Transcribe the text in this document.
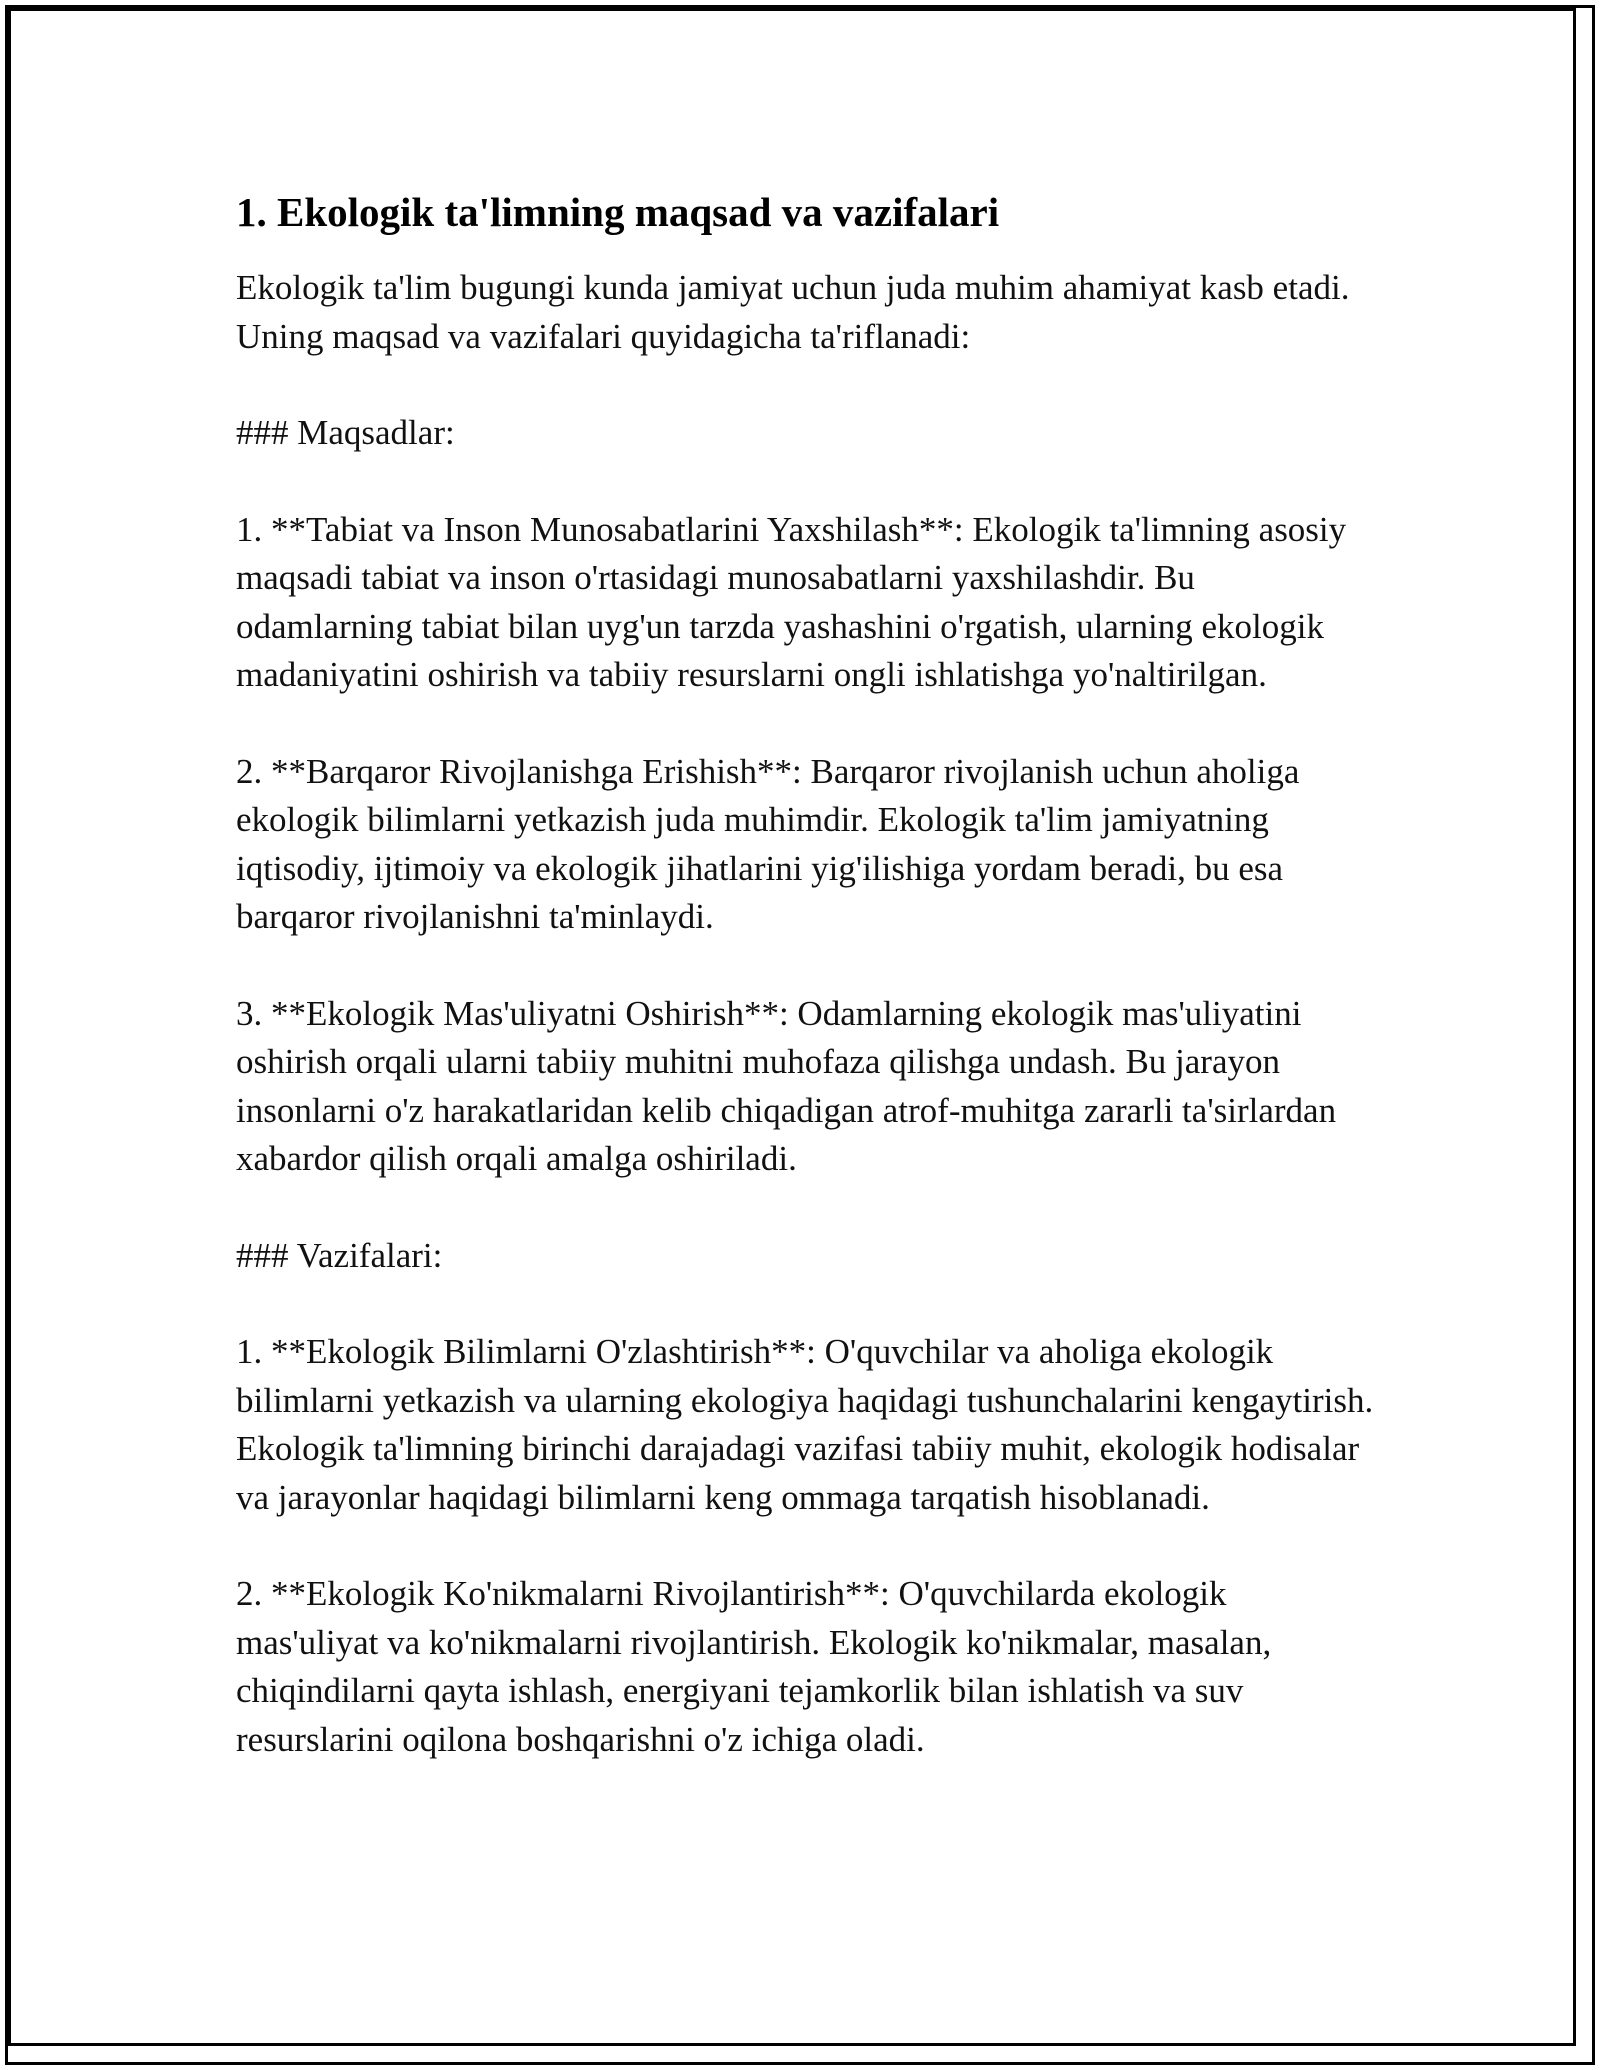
1. Ekologik ta'limning maqsad va vazifalari

Ekologik ta'lim bugungi kunda jamiyat uchun juda muhim ahamiyat kasb etadi. Uning maqsad va vazifalari quyidagicha ta'riflanadi:

### Maqsadlar:

1. **Tabiat va Inson Munosabatlarini Yaxshilash**: Ekologik ta'limning asosiy maqsadi tabiat va inson o'rtasidagi munosabatlarni yaxshilashdir. Bu odamlarning tabiat bilan uyg'un tarzda yashashini o'rgatish, ularning ekologik madaniyatini oshirish va tabiiy resurslarni ongli ishlatishga yo'naltirilgan.

2. **Barqaror Rivojlanishga Erishish**: Barqaror rivojlanish uchun aholiga ekologik bilimlarni yetkazish juda muhimdir. Ekologik ta'lim jamiyatning iqtisodiy, ijtimoiy va ekologik jihatlarini yig'ilishiga yordam beradi, bu esa barqaror rivojlanishni ta'minlaydi.

3. **Ekologik Mas'uliyatni Oshirish**: Odamlarning ekologik mas'uliyatini oshirish orqali ularni tabiiy muhitni muhofaza qilishga undash. Bu jarayon insonlarni o'z harakatlaridan kelib chiqadigan atrof-muhitga zararli ta'sirlardan xabardor qilish orqali amalga oshiriladi.

### Vazifalari:

1. **Ekologik Bilimlarni O'zlashtirish**: O'quvchilar va aholiga ekologik bilimlarni yetkazish va ularning ekologiya haqidagi tushunchalarini kengaytirish. Ekologik ta'limning birinchi darajadagi vazifasi tabiiy muhit, ekologik hodisalar va jarayonlar haqidagi bilimlarni keng ommaga tarqatish hisoblanadi.

2. **Ekologik Ko'nikmalarni Rivojlantirish**: O'quvchilarda ekologik mas'uliyat va ko'nikmalarni rivojlantirish. Ekologik ko'nikmalar, masalan, chiqindilarni qayta ishlash, energiyani tejamkorlik bilan ishlatish va suv resurslarini oqilona boshqarishni o'z ichiga oladi.
